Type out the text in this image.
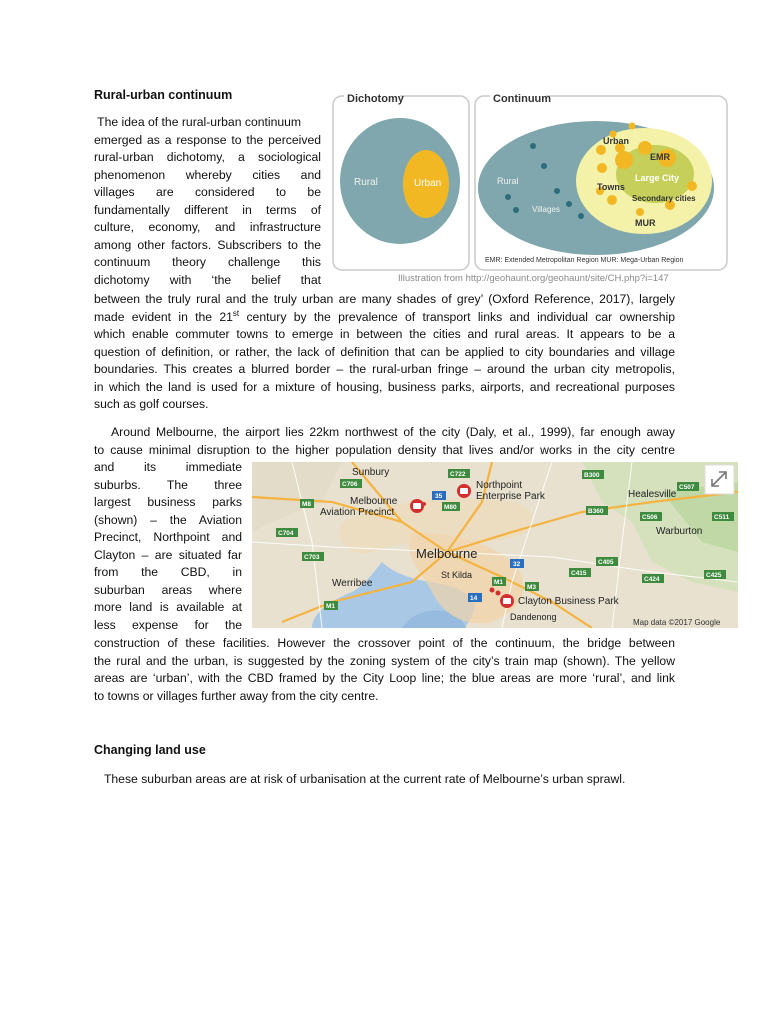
Rural-urban continuum
The idea of the rural-urban continuum
emerged as a response to the perceived
rural-urban dichotomy, a sociological
phenomenon whereby cities and
villages are considered to be
fundamentally different in terms of
culture, economy, and infrastructure
among other factors. Subscribers to the
continuum theory challenge this
dichotomy with ‘the belief that
Dichotomy	Continuum
Rural	Urban	Rural
Villages
Urban
EMR
Towns
Large City
Secondary cities
MUR
EMR: Extended Metropolitan Region MUR: Mega-Urban Region
Illustration from http://geohaunt.org/geohaunt/site/CH.php?i=147
between the truly rural and the truly urban are many shades of grey’ (Oxford Reference, 2017), largely
made evident in the 21st century by the prevalence of transport links and individual car ownership
which enable commuter towns to emerge in between the cities and rural areas. It appears to be a
question of definition, or rather, the lack of definition that can be applied to city boundaries and village
boundaries. This creates a blurred border – the rural-urban fringe – around the urban city metropolis,
in which the land is used for a mixture of housing, business parks, airports, and recreational purposes
such as golf courses.
Around Melbourne, the airport lies 22km northwest of the city (Daly, et al., 1999), far enough away
to cause minimal disruption to the higher population density that lives and/or works in the city centre
and its immediate
suburbs. The three
largest business parks
(shown) – the Aviation
Precinct, Northpoint and
Clayton – are situated far
from the CBD, in
suburban areas where
more land is available at
less expense for the
C722	B300
C706
M8
35
M80
C507
B360
C704
C506	C511
C703
32	C405
C415
C424
C425
M1
M3
14
M1
Sunbury
Melbourne
Aviation Precinct
Northpoint
Enterprise Park	Healesville
Warburton
Melbourne
St Kilda
Werribee
Clayton Business Park
Dandenong
Map data ©2017 Google
construction of these facilities. However the crossover point of the continuum, the bridge between
the rural and the urban, is suggested by the zoning system of the city’s train map (shown). The yellow
areas are ‘urban’, with the CBD framed by the City Loop line; the blue areas are more ‘rural’, and link
to towns or villages further away from the city centre.
Changing land use
These suburban areas are at risk of urbanisation at the current rate of Melbourne’s urban sprawl.
